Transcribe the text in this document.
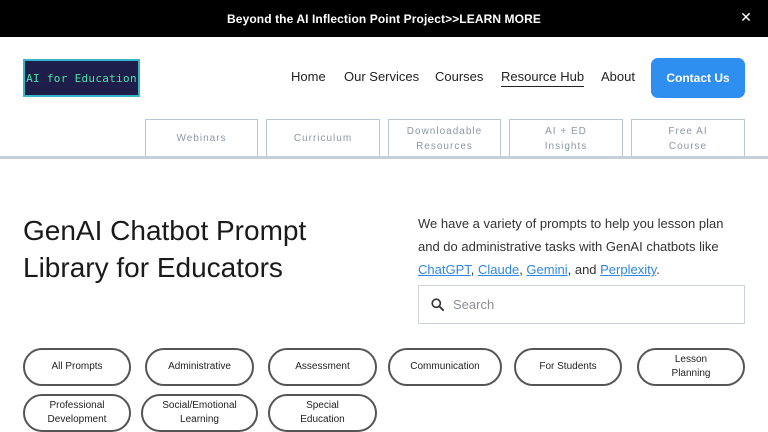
Beyond the AI Inflection Point Project>>LEARN MORE	✕
AI for Education	Home Our Services Courses Resource Hub About	Contact Us
Webinars	Curriculum
Downloadable
Resources
AI + ED
Insights
Free AI
Course
GenAI Chatbot Prompt
Library for Educators

We have a variety of prompts to help you lesson plan and do administrative tasks with GenAI chatbots like ChatGPT, Claude, Gemini, and Perplexity.

Search
All Prompts	Administrative	Assessment	Communication	For Students
Lesson
Planning
Professional
Development
Social/Emotional
Learning
Special
Education
